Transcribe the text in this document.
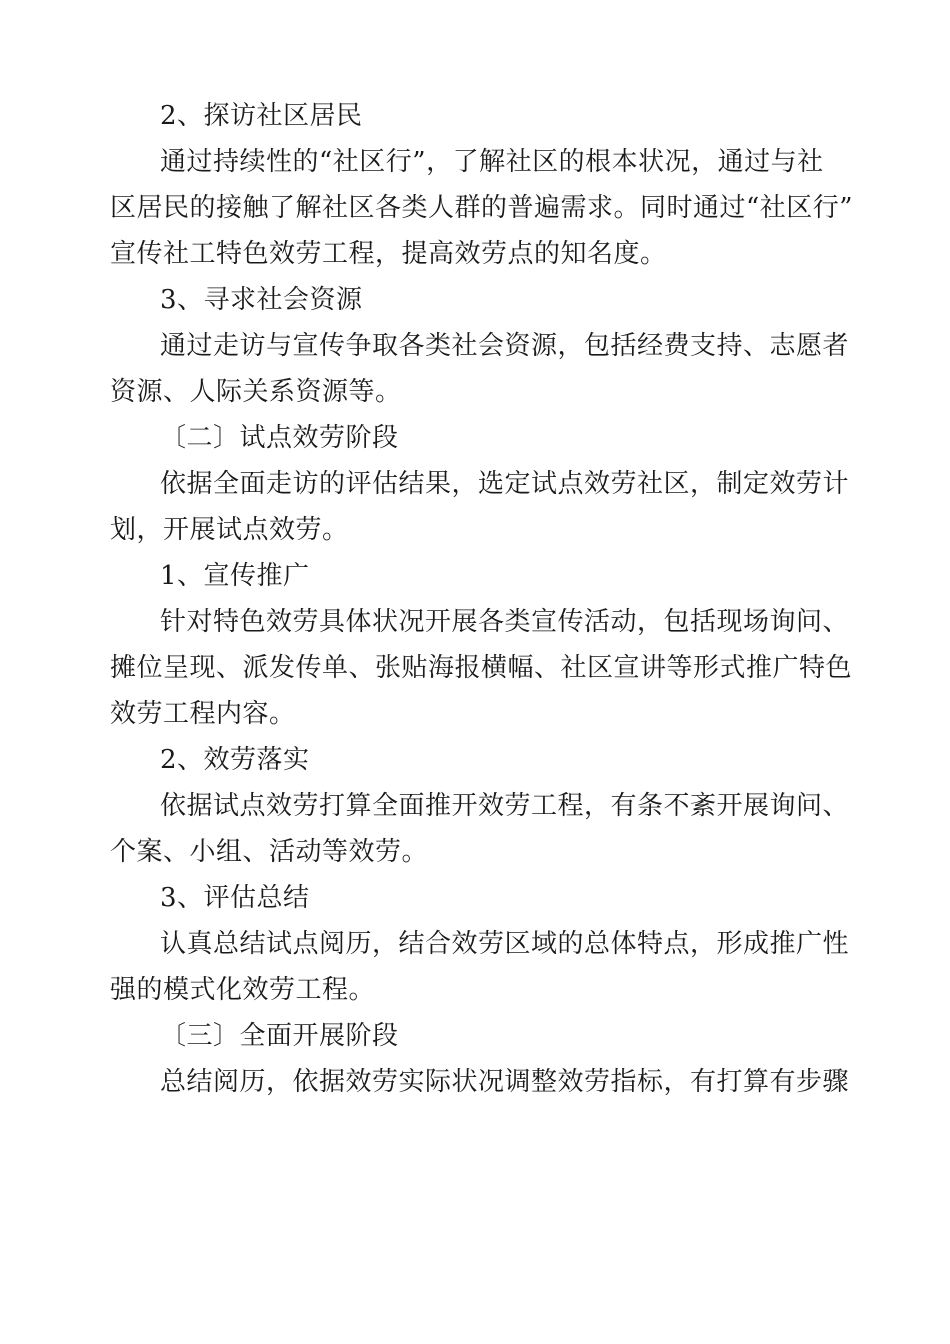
2、探访社区居民
通过持续性的“社区行”，了解社区的根本状况，通过与社
区居民的接触了解社区各类人群的普遍需求。同时通过“社区行”
宣传社工特色效劳工程，提高效劳点的知名度。
3、寻求社会资源
通过走访与宣传争取各类社会资源，包括经费支持、志愿者
资源、人际关系资源等。
〔二〕试点效劳阶段
依据全面走访的评估结果，选定试点效劳社区，制定效劳计
划，开展试点效劳。
1、宣传推广
针对特色效劳具体状况开展各类宣传活动，包括现场询问、
摊位呈现、派发传单、张贴海报横幅、社区宣讲等形式推广特色
效劳工程内容。
2、效劳落实
依据试点效劳打算全面推开效劳工程，有条不紊开展询问、
个案、小组、活动等效劳。
3、评估总结
认真总结试点阅历，结合效劳区域的总体特点，形成推广性
强的模式化效劳工程。
〔三〕全面开展阶段
总结阅历，依据效劳实际状况调整效劳指标，有打算有步骤
